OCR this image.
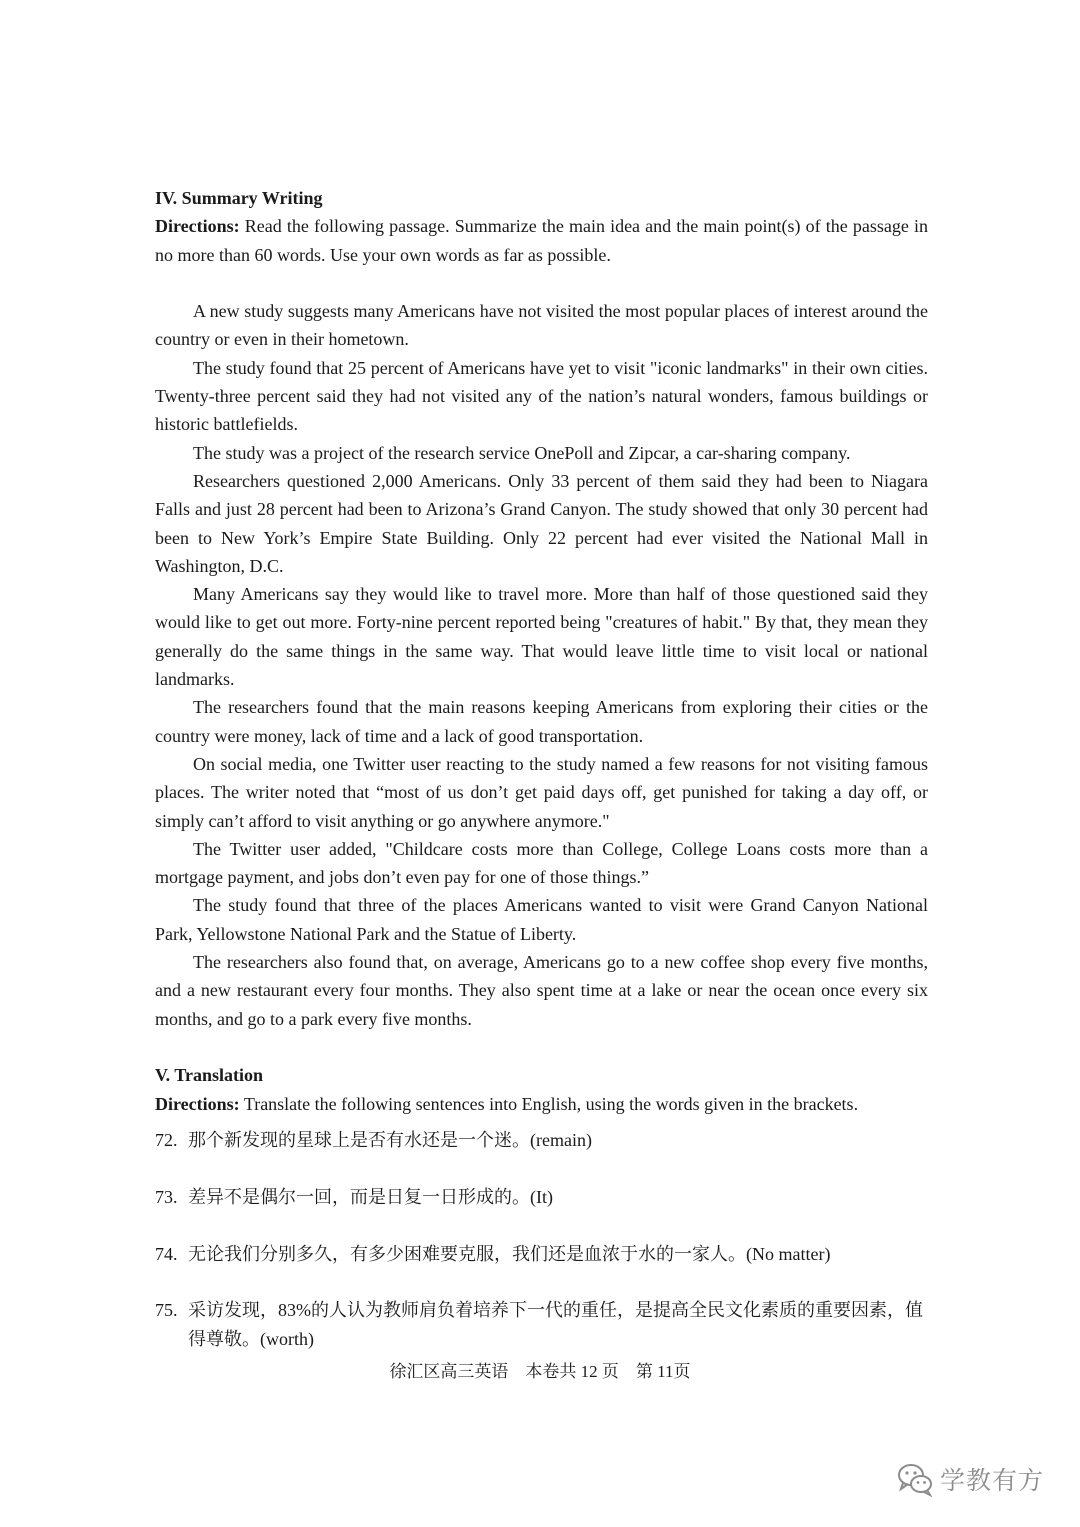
IV. Summary Writing
Directions: Read the following passage. Summarize the main idea and the main point(s) of the passage in no more than 60 words. Use your own words as far as possible.

A new study suggests many Americans have not visited the most popular places of interest around the country or even in their hometown.

The study found that 25 percent of Americans have yet to visit "iconic landmarks" in their own cities. Twenty-three percent said they had not visited any of the nation’s natural wonders, famous buildings or historic battlefields.

The study was a project of the research service OnePoll and Zipcar, a car-sharing company.

Researchers questioned 2,000 Americans. Only 33 percent of them said they had been to Niagara Falls and just 28 percent had been to Arizona’s Grand Canyon. The study showed that only 30 percent had been to New York’s Empire State Building. Only 22 percent had ever visited the National Mall in Washington, D.C.

Many Americans say they would like to travel more. More than half of those questioned said they would like to get out more. Forty-nine percent reported being "creatures of habit." By that, they mean they generally do the same things in the same way. That would leave little time to visit local or national landmarks.

The researchers found that the main reasons keeping Americans from exploring their cities or the country were money, lack of time and a lack of good transportation.

On social media, one Twitter user reacting to the study named a few reasons for not visiting famous places. The writer noted that “most of us don’t get paid days off, get punished for taking a day off, or simply can’t afford to visit anything or go anywhere anymore."

The Twitter user added, "Childcare costs more than College, College Loans costs more than a mortgage payment, and jobs don’t even pay for one of those things.”

The study found that three of the places Americans wanted to visit were Grand Canyon National Park, Yellowstone National Park and the Statue of Liberty.

The researchers also found that, on average, Americans go to a new coffee shop every five months, and a new restaurant every four months. They also spent time at a lake or near the ocean once every six months, and go to a park every five months.

V. Translation
Directions: Translate the following sentences into English, using the words given in the brackets.
72. 那个新发现的星球上是否有水还是一个迷。(remain)
73. 差异不是偶尔一回，而是日复一日形成的。(It)
74. 无论我们分别多久，有多少困难要克服，我们还是血浓于水的一家人。(No matter)
75. 采访发现，83%的人认为教师肩负着培养下一代的重任，是提高全民文化素质的重要因素，值得尊敬。(worth)
徐汇区高三英语　本卷共 12 页　第 11页
学教有方
